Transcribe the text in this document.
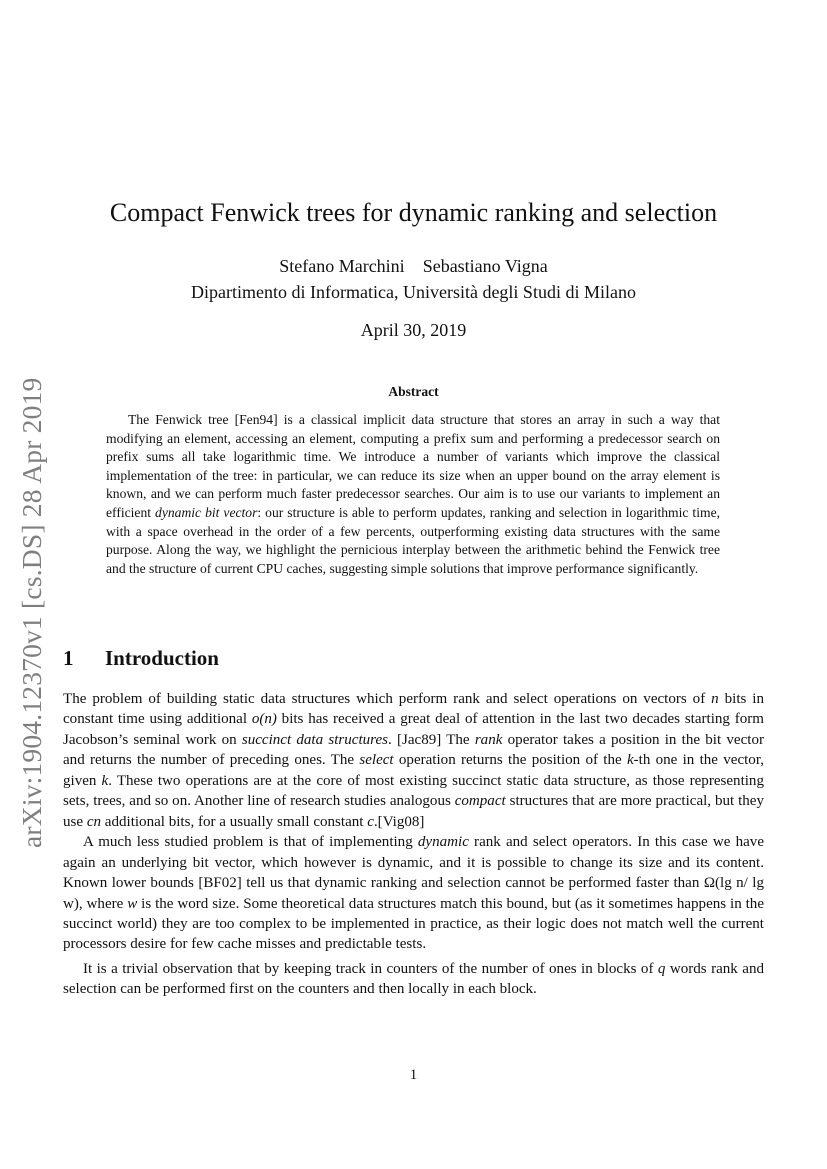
arXiv:1904.12370v1 [cs.DS] 28 Apr 2019
Compact Fenwick trees for dynamic ranking and selection
Stefano Marchini Sebastiano Vigna
Dipartimento di Informatica, Università degli Studi di Milano
April 30, 2019
Abstract

The Fenwick tree [Fen94] is a classical implicit data structure that stores an array in such a way that modifying an element, accessing an element, computing a prefix sum and performing a predecessor search on prefix sums all take logarithmic time. We introduce a number of variants which improve the classical implementation of the tree: in particular, we can reduce its size when an upper bound on the array element is known, and we can perform much faster predecessor searches. Our aim is to use our variants to implement an efficient dynamic bit vector: our structure is able to perform updates, ranking and selection in logarithmic time, with a space overhead in the order of a few percents, outperforming existing data structures with the same purpose. Along the way, we highlight the pernicious interplay between the arithmetic behind the Fenwick tree and the structure of current CPU caches, suggesting simple solutions that improve performance significantly.

1 Introduction

The problem of building static data structures which perform rank and select operations on vectors of n bits in constant time using additional o(n) bits has received a great deal of attention in the last two decades starting form Jacobson’s seminal work on succinct data structures. [Jac89] The rank operator takes a position in the bit vector and returns the number of preceding ones. The select operation returns the position of the k-th one in the vector, given k. These two operations are at the core of most existing succinct static data structure, as those representing sets, trees, and so on. Another line of research studies analogous compact structures that are more practical, but they use cn additional bits, for a usually small constant c.[Vig08]

A much less studied problem is that of implementing dynamic rank and select operators. In this case we have again an underlying bit vector, which however is dynamic, and it is possible to change its size and its content. Known lower bounds [BF02] tell us that dynamic ranking and selection cannot be performed faster than Ω(lg n/ lg w), where w is the word size. Some theoretical data structures match this bound, but (as it sometimes happens in the succinct world) they are too complex to be implemented in practice, as their logic does not match well the current processors desire for few cache misses and predictable tests.

It is a trivial observation that by keeping track in counters of the number of ones in blocks of q words rank and selection can be performed first on the counters and then locally in each block.

1
